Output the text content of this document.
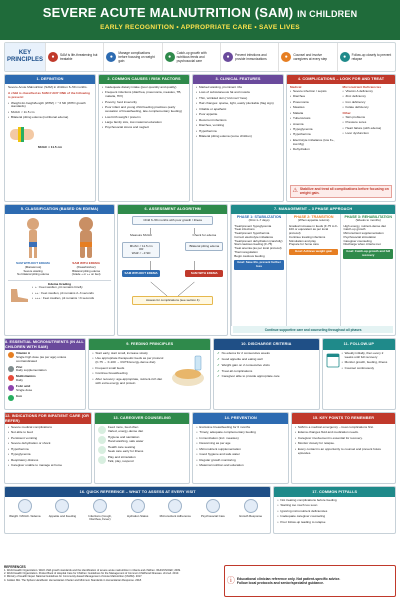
SEVERE ACUTE MALNUTRITION (SAM) IN CHILDREN
EARLY RECOGNITION • APPROPRIATE CARE • SAVE LIVES
KEY PRINCIPLES
●	SAM is life-threatening but treatable	●
Manage complications before focusing on weight gain
●
Catch-up growth with nutritious feeds and psychosocial care
●	Prevent infections and provide immunizations	●	Counsel and involve caregivers at every step	●	Follow-up closely to prevent relapse
1. DEFINITION
Severe Acute Malnutrition (SAM) in children 6–59 months.
A child is classified as SAM if ANY ONE of the following is present:
• Weight-for-height/length (WHZ) < −3 SD (WHO growth standards)
• MUAC < 11.5 cm
• Bilateral pitting edema (nutritional edema)
MUAC < 11.5 cm
2. COMMON CAUSES / RISK FACTORS
• Inadequate dietary intake (poor quantity and quality)
• Frequent infections (diarrhea, pneumonia, measles, TB, malaria, HIV)
• Poverty, food insecurity
• Poor infant and young child feeding practices (early cessation of breastfeeding, late complementary feeding)
• Low birth weight / preterm
• Large family size, low maternal education
• Psychosocial stress and neglect
3. CLINICAL FEATURES
• Marked wasting, prominent ribs
• Loss of subcutaneous fat and muscle
• Thin, wrinkled skin ("old man" face)
• Hair changes: sparse, light, easily pluckable (flag sign)
• Irritable or apathetic
• Poor appetite
• Recurrent infections
• Diarrhea, vomiting
• Hypothermia
• Bilateral pitting edema (some children)
4. COMPLICATIONS – LOOK FOR AND TREAT
Medical
• Severe infection / sepsis
• Diarrhea
• Pneumonia
• Measles
• Malaria
• Tuberculosis
• Anemia
• Hypoglycemia
• Hypothermia
• Electrolyte imbalance (low K+, low Mg)
• Dehydration
Micronutrient Deficiencies
• Vitamin A deficiency
• Zinc deficiency
• Iron deficiency
• Folate deficiency
Other
• Skin problems
• Pressure sores
• Heart failure (with edema)
• Liver dysfunction
⚠ Stabilize and treat all complications before focusing on weight gain.
5. CLASSIFICATION (BASED ON EDEMA)
SAM WITHOUT EDEMA
(Marasmus)
Severe wasting
No bilateral pitting edema
SAM WITH EDEMA
(Kwashiorkor)
Bilateral pitting edema
(Grade + or ++ on feet)
Edema Grading
• + : Feet swollen, pit remains briefly
• ++ : Feet swollen, pit remains 2–3 seconds
• +++ : Feet swollen, pit remains >3 seconds
6. ASSESSMENT ALGORITHM
Child 6–59 months with poor growth / illness
Measure MUAC	Check for edema
MUAC < 11.5 cm
OR
WHZ < −3 SD
Bilateral pitting edema
SAM WITHOUT EDEMA	SAM WITH EDEMA
Assess for complications (see section 4)
7. MANAGEMENT – 3 PHASE APPROACH
PHASE 1: STABILIZATION
(First 1–7 days)
Treat/prevent hypoglycemia
Treat infections
Treat/prevent hypothermia
Correct electrolyte imbalance
Treat/prevent dehydration (carefully)
Start cautious feeding (F-75)
Treat anemia (as per local protocol)
Thermoregulation
Begin cautious feeding
Goal: Save life, prevent further loss
PHASE 2: TRANSITION
(When appetite returns)
Gradual increase in feeds (F-75 to F-100 or equivalent as per local protocol)
Continue treating infections
Stimulation and play
Prepare for home care
Goal: Achieve weight gain
PHASE 3: REHABILITATION
(Weeks to months)
High energy, nutrient-dense diet
Catch-up growth
Micronutrient supplementation
Psychosocial stimulation
Caregiver counseling
Discharge when criteria met
Goal: Catch-up growth and full recovery
Continue supportive care and counseling throughout all phases
8. ESSENTIAL MICRONUTRIENTS (IN ALL CHILDREN WITH SAM)
Vitamin A
Single high dose (as per age) unless contraindicated
Zinc
Daily supplementation
Multivitamins
Daily
Folic acid
Single dose
Iron
9. FEEDING PRINCIPLES
• Start early, start small, increase slowly
• Use appropriate therapeutic feeds as per protocol (F-75 → F-100 → RUTF/energy-dense diet)
• Frequent small feeds
• Continue breastfeeding
• After recovery: age-appropriate, nutrient-rich diet with extra energy and protein
10. DISCHARGE CRITERIA
✓ No edema for 2 consecutive weeks
✓ Good appetite and eating well
✓ Weight gain on 2 consecutive visits
✓ Treat all complications
✓ Caregiver able to provide appropriate care
11. FOLLOW-UP
• Weekly initially, then every 2 weeks until full recovery
• Monitor growth, feeding, illness
• Counsel continuously
12. INDICATIONS FOR INPATIENT CARE (OR REFER)
• Severe medical complications
• Not able to feed
• Persistent vomiting
• Severe dehydration or shock
• Hypothermia
• Hypoglycemia
• Respiratory distress
• Caregiver unable to manage at home
13. CAREGIVER COUNSELING
Feed more, feed often
Varied, energy-dense diet
Hygiene and sanitation
Hand washing, safe water
Health care seeking
Seek care early for illness
Play and stimulation
Talk, play, respond
14. PREVENTION
• Exclusive breastfeeding for 6 months
• Timely, adequate complementary feeding
• Immunization (incl. measles)
• Deworming as per age
• Micronutrient supplementation
• Good hygiene and safe water
• Regular growth monitoring
• Maternal nutrition and education
15. KEY POINTS TO REMEMBER
• SAM is a medical emergency – treat complications first.
• Edema changes fluid and medication needs.
• Caregiver involvement is essential for recovery.
• Monitor closely for relapse.
• Every contact is an opportunity to counsel and prevent future episodes.
16. QUICK REFERENCE – WHAT TO ASSESS AT EVERY VISIT
Weight / MUAC / Edema	Appetite and Feeding	Infections (Cough, Diarrhea, Fever)
Hydration Status	Micronutrient Adherence	Psychosocial Care	Growth Response
17. COMMON PITFALLS
• Not treating complications before feeding
• Starting too much too soon
• Ignoring micronutrient deficiencies
• Inadequate caregiver counseling
• Poor follow-up leading to relapse
REFERENCES
1. World Health Organization. WHO child growth standards and the identification of severe acute malnutrition in infants and children. WHO/UNICEF; 2009.
2. World Health Organization. Pocket Book of Hospital Care for Children: Guidelines for the Management of Common Childhood Illnesses. 2nd ed. 2013.
3. Ministry of Health Nepal. National Guidelines for Community-based Management of Acute Malnutrition (CMAM). 2017.
4. Golden MH. The Sphere Handbook: Humanitarian Charter and Minimum Standards in Humanitarian Response. 2018.	ⓘ Educational clinician reference only. Not patient-specific advice.
Follow local protocols and senior/specialist guidance.
